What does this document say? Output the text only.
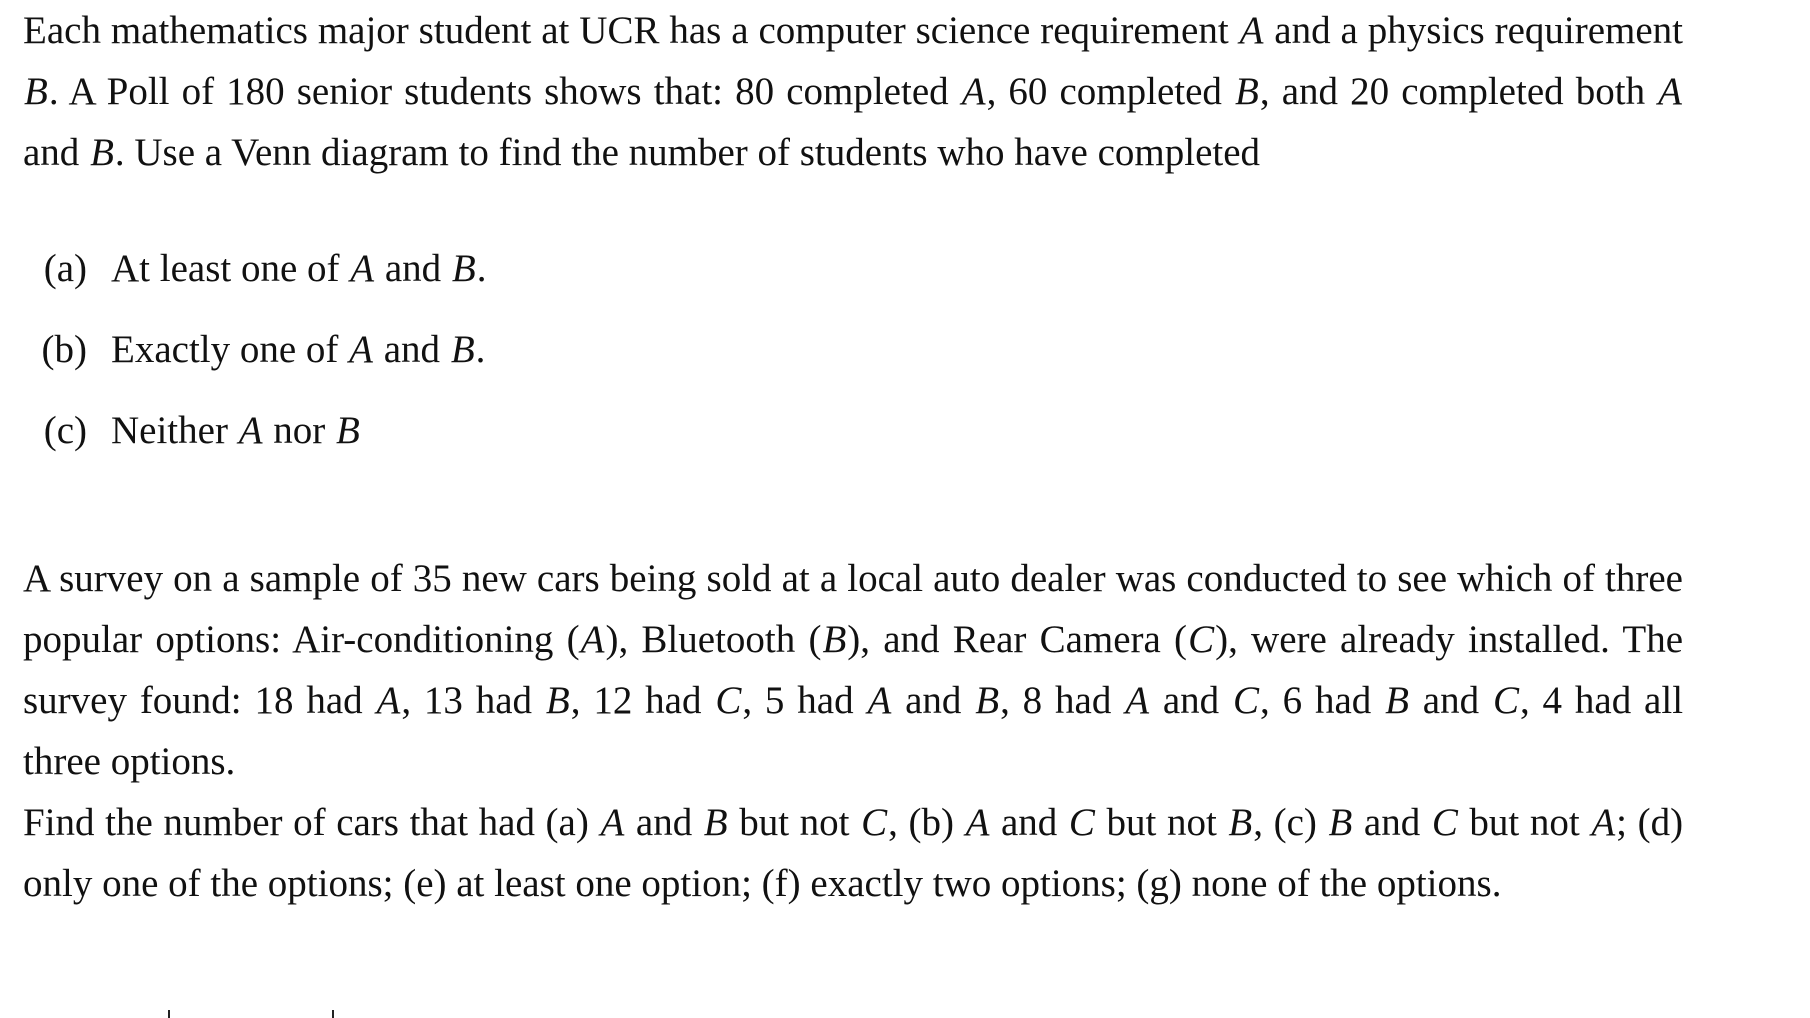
Each mathematics major student at UCR has a computer science requirement A and a physics requirement B. A Poll of 180 senior students shows that: 80 completed A, 60 completed B, and 20 completed both A and B. Use a Venn diagram to find the number of students who have completed

(a) At least one of A and B.
(b) Exactly one of A and B.
(c) Neither A nor B

A survey on a sample of 35 new cars being sold at a local auto dealer was conducted to see which of three popular options: Air-conditioning (A), Bluetooth (B), and Rear Camera (C), were already installed. The survey found: 18 had A, 13 had B, 12 had C, 5 had A and B, 8 had A and C, 6 had B and C, 4 had all three options.

Find the number of cars that had (a) A and B but not C, (b) A and C but not B, (c) B and C but not A; (d) only one of the options; (e) at least one option; (f) exactly two options; (g) none of the options.
